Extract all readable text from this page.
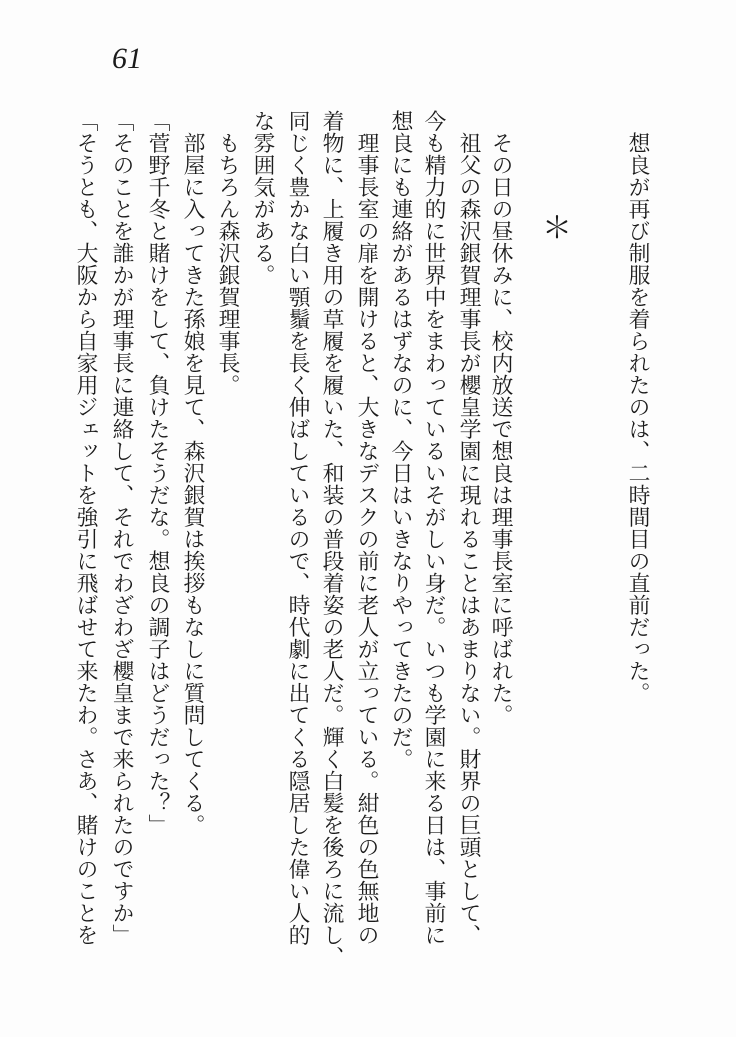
61
＊ 　想良が再び制服を着られたのは、二時間目の直前だった。
　その日の昼休みに、校内放送で想良は理事長室に呼ばれた。
　祖父の森沢銀賀理事長が櫻皇学園に現れることはあまりない。財界の巨頭として、
今も精力的に世界中をまわっているいそがしい身だ。いつも学園に来る日は、事前に
想良にも連絡があるはずなのに、今日はいきなりやってきたのだ。
　理事長室の扉を開けると、大きなデスクの前に老人が立っている。紺色の色無地の
着物に、上履き用の草履を履いた、和装の普段着姿の老人だ。輝く白髪を後ろに流し、
同じく豊かな白い顎鬚を長く伸ばしているので、時代劇に出てくる隠居した偉い人的
な雰囲気がある。
　もちろん森沢銀賀理事長。
　部屋に入ってきた孫娘を見て、森沢銀賀は挨拶もなしに質問してくる。
「菅野千冬と賭けをして、負けたそうだな。想良の調子はどうだった？」
「そのことを誰かが理事長に連絡して、それでわざわざ櫻皇まで来られたのですか」
「そうとも、大阪から自家用ジェットを強引に飛ばせて来たわ。さあ、賭けのことを
